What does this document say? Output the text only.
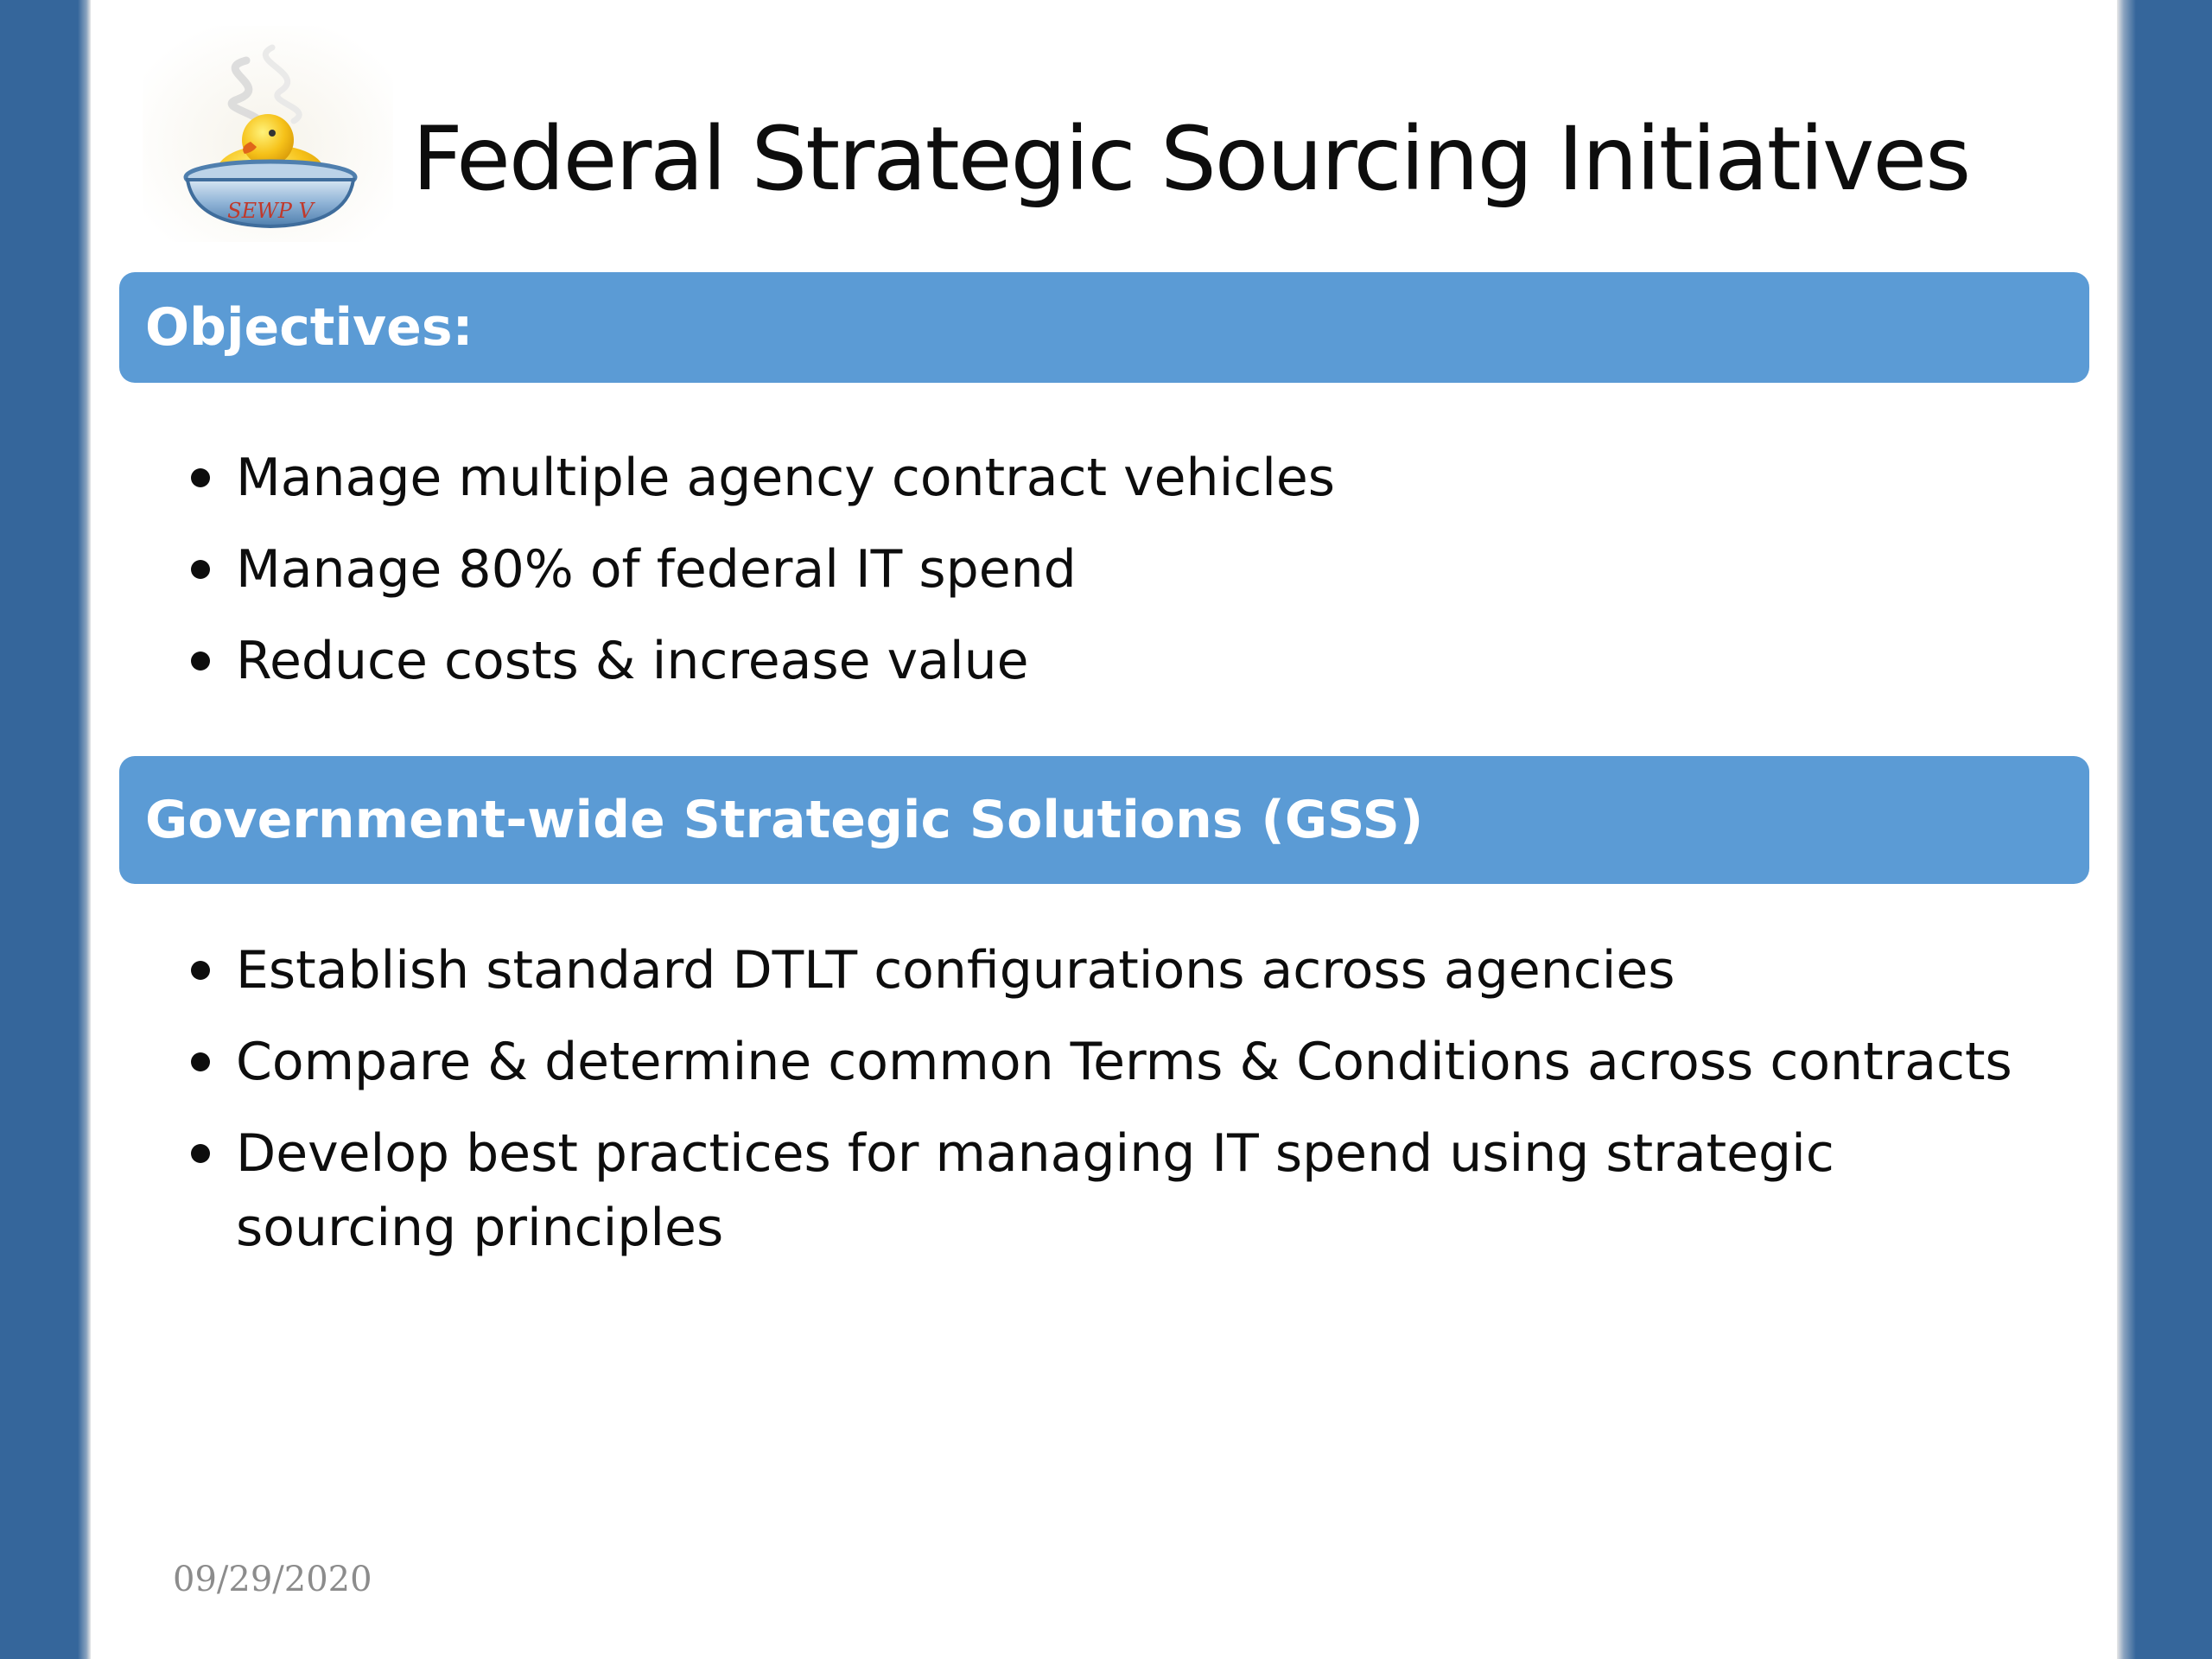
SEWP V Federal Strategic Sourcing Initiatives
Objectives:
Manage multiple agency contract vehicles
Manage 80% of federal IT spend
Reduce costs & increase value
Government-wide Strategic Solutions (GSS)
Establish standard DTLT configurations across agencies
Compare & determine common Terms & Conditions across contracts
Develop best practices for managing IT spend using strategic sourcing principles
09/29/2020
